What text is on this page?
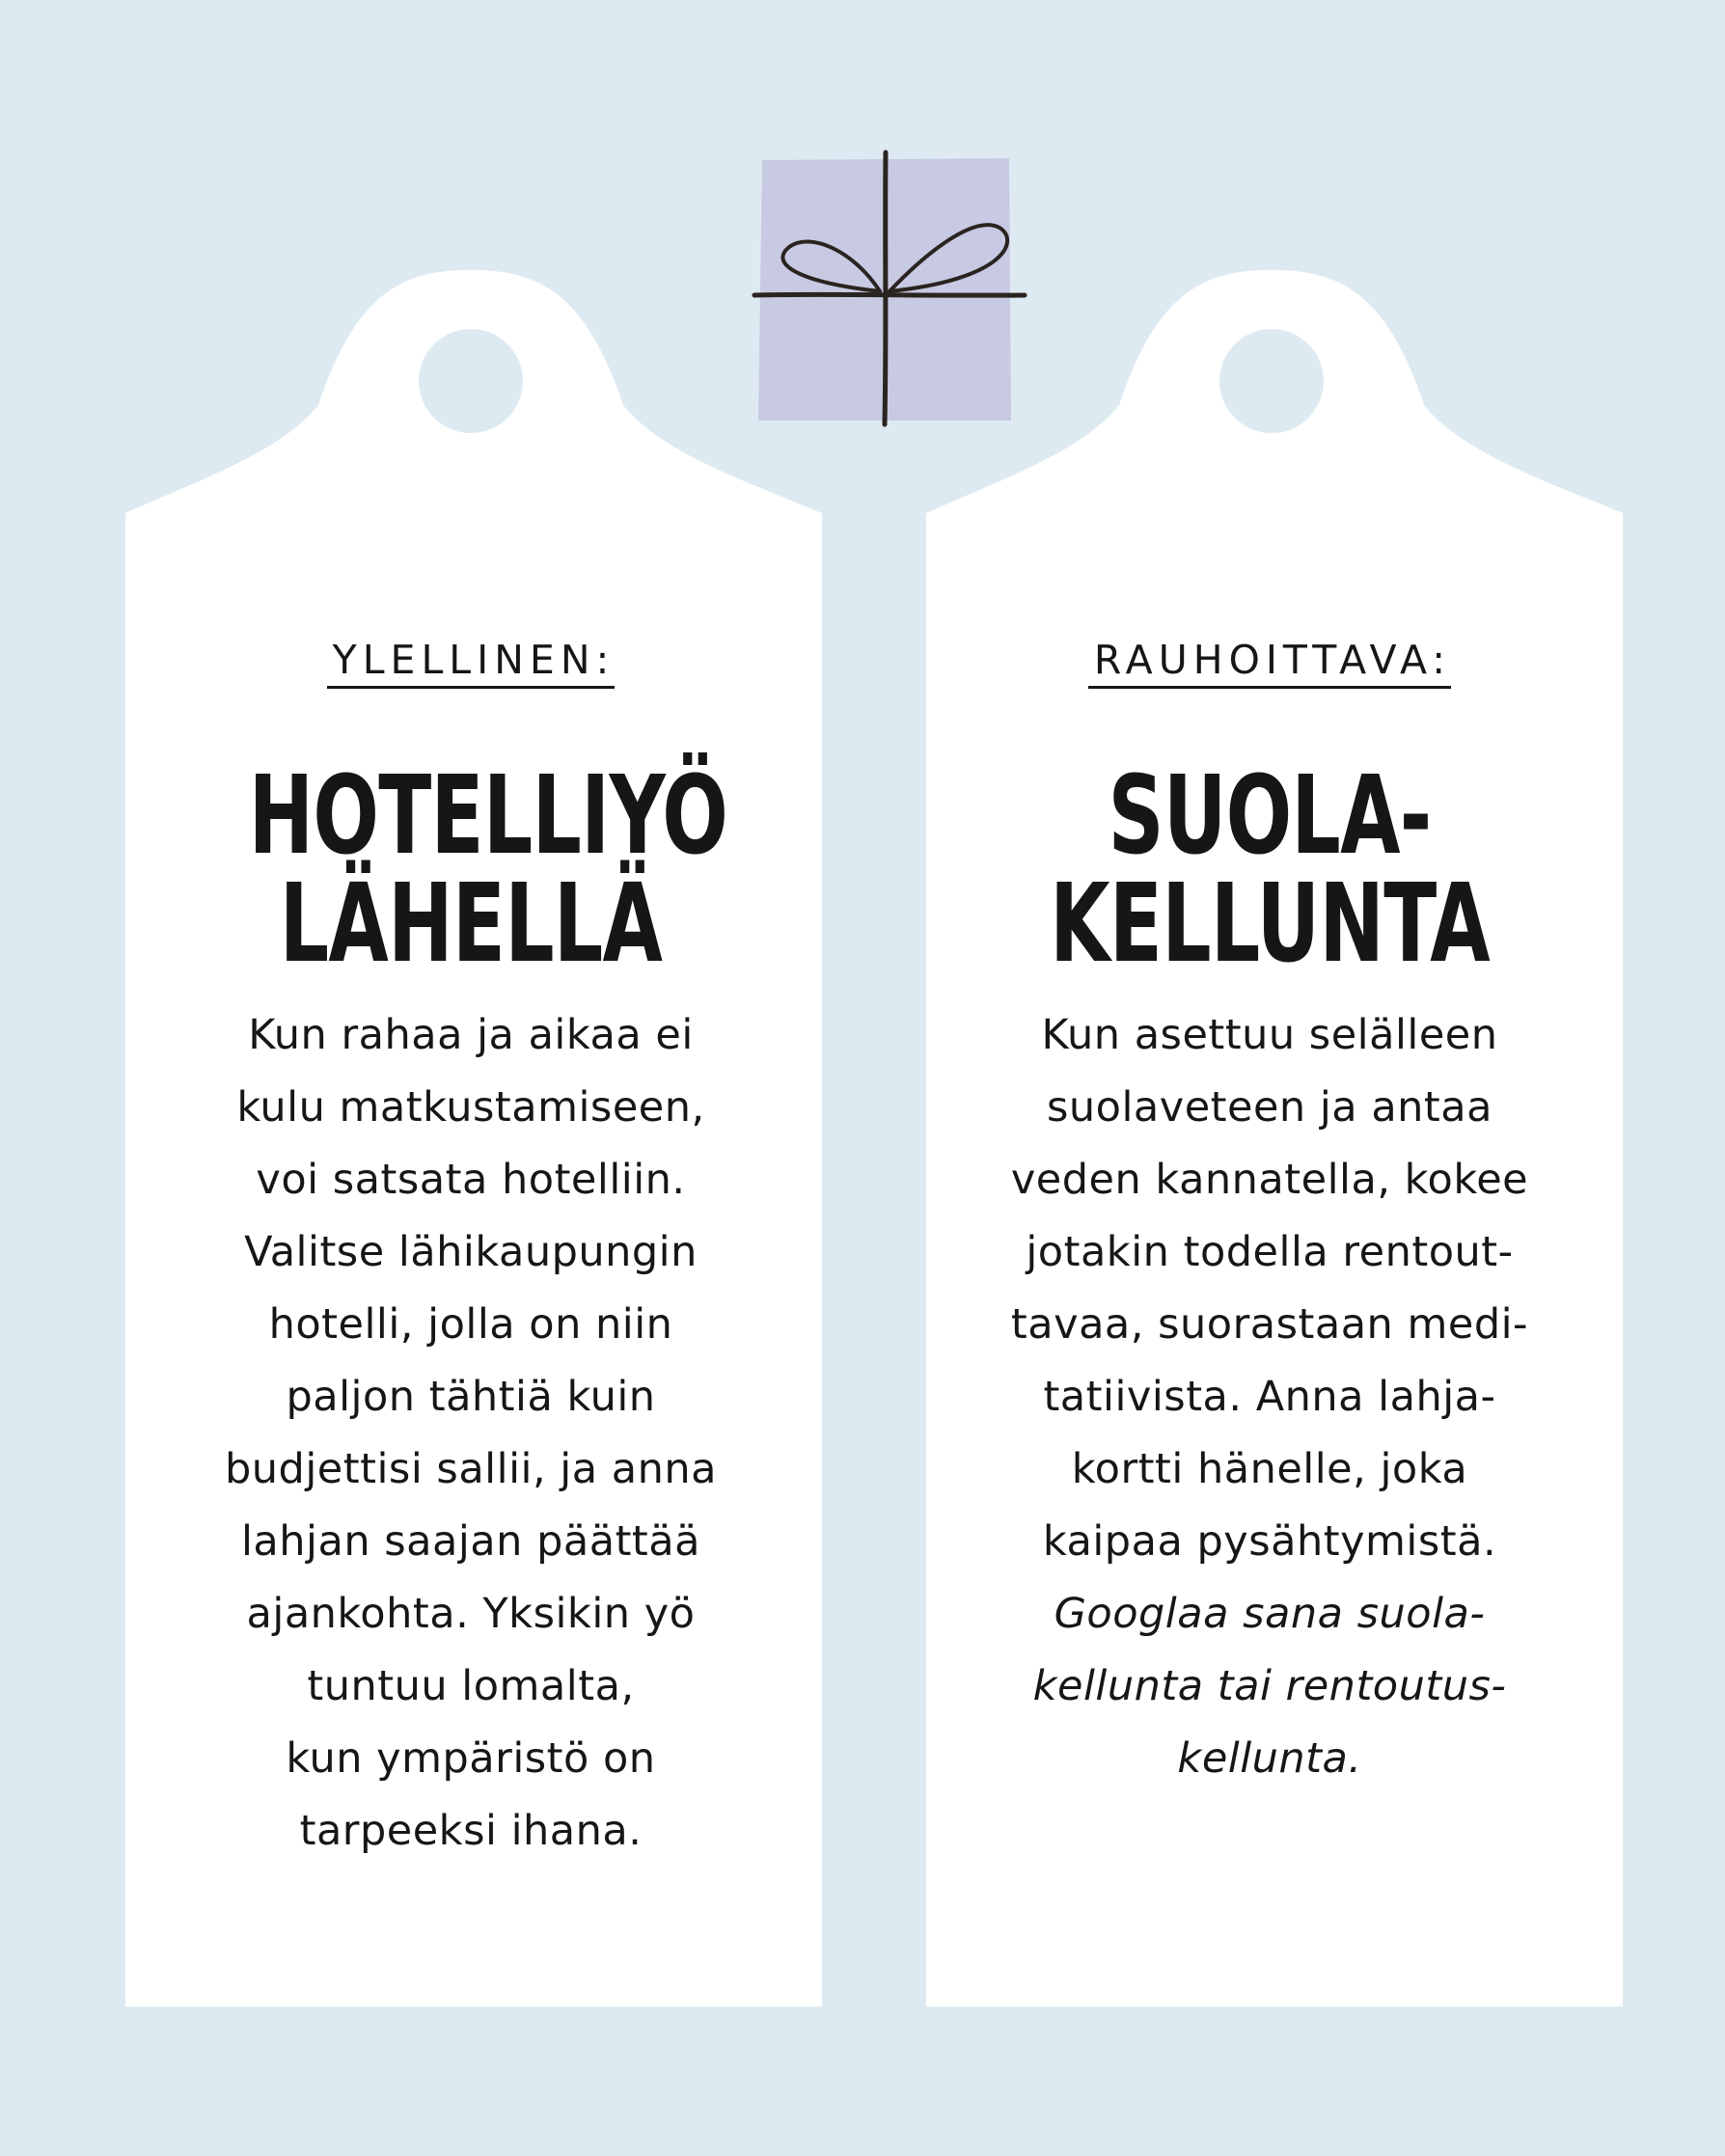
YLELLINEN:
HOTELLIYÖ
LÄHELLÄ
Kun rahaa ja aikaa ei
kulu matkustamiseen,
voi satsata hotelliin.
Valitse lähikaupungin
hotelli, jolla on niin
paljon tähtiä kuin
budjettisi sallii, ja anna
lahjan saajan päättää
ajankohta. Yksikin yö
tuntuu lomalta,
kun ympäristö on
tarpeeksi ihana.
RAUHOITTAVA:
SUOLA-
KELLUNTA
Kun asettuu selälleen
suolaveteen ja antaa
veden kannatella, kokee
jotakin todella rentout-
tavaa, suorastaan medi-
tatiivista. Anna lahja-
kortti hänelle, joka
kaipaa pysähtymistä.
Googlaa sana suola-
kellunta tai rentoutus-
kellunta.
